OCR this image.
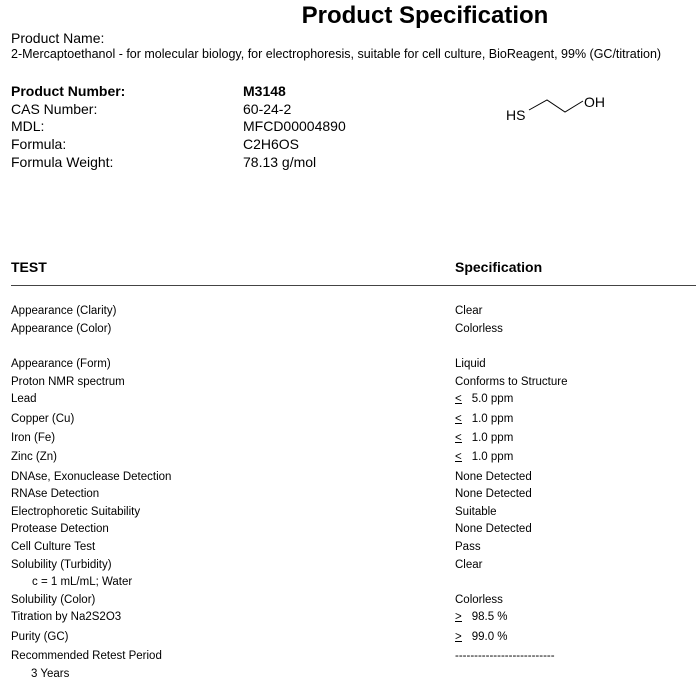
Product Specification
Product Name:
2-Mercaptoethanol - for molecular biology, for electrophoresis, suitable for cell culture, BioReagent, 99% (GC/titration)
Product Number:	M3148
CAS Number:	60-24-2
MDL:	MFCD00004890
Formula:	C2H6OS
Formula Weight:	78.13 g/mol
HS
OH
TEST	Specification
Appearance (Clarity)	Clear
Appearance (Color)	Colorless
Appearance (Form)	Liquid
Proton NMR spectrum	Conforms to Structure
Lead	< 5.0 ppm
Copper (Cu)	< 1.0 ppm
Iron (Fe)	< 1.0 ppm
Zinc (Zn)	< 1.0 ppm
DNAse, Exonuclease Detection	None Detected
RNAse Detection	None Detected
Electrophoretic Suitability	Suitable
Protease Detection	None Detected
Cell Culture Test	Pass
Solubility (Turbidity)	Clear
c = 1 mL/mL; Water
Solubility (Color)	Colorless
Titration by Na2S2O3	> 98.5 %
Purity (GC)	> 99.0 %
Recommended Retest Period	--------------------------
3 Years
